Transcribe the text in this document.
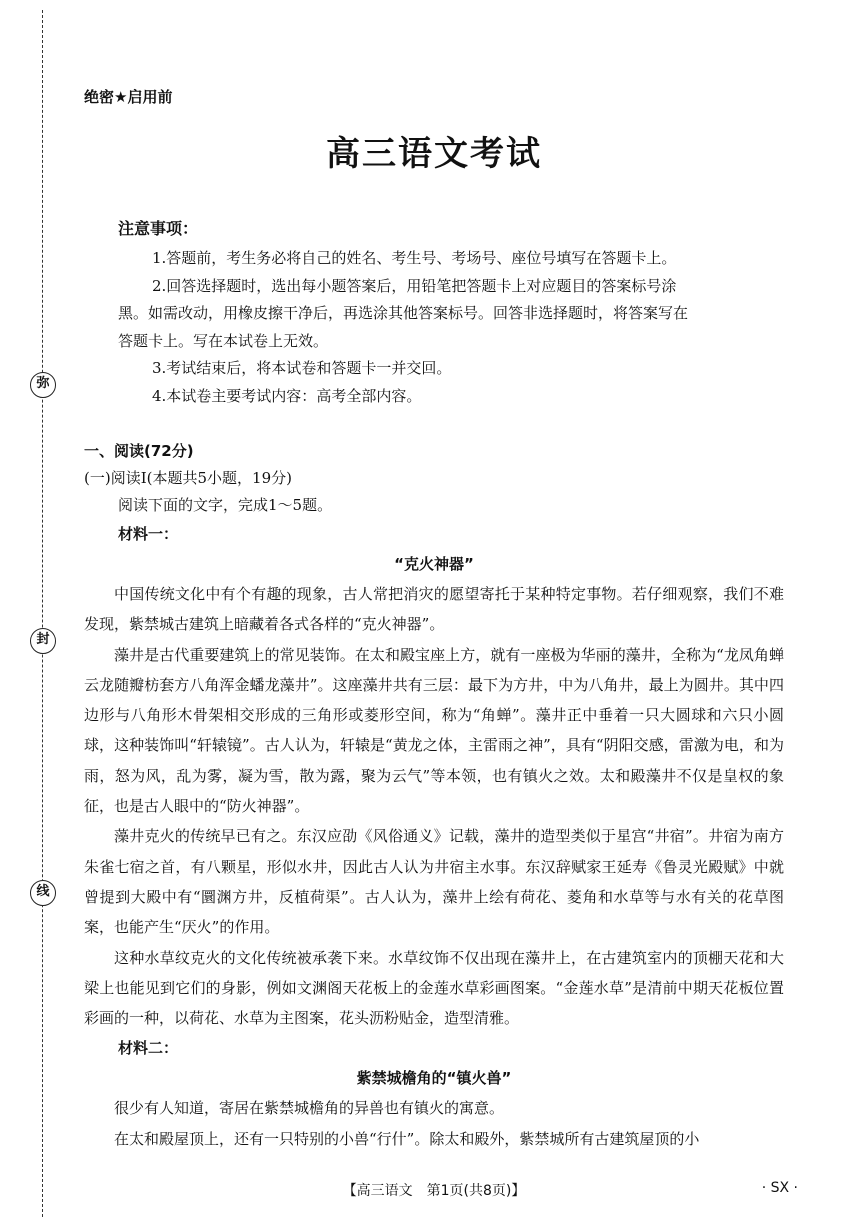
弥
封
线
绝密★启用前
高三语文考试
注意事项：

1.答题前，考生务必将自己的姓名、考生号、考场号、座位号填写在答题卡上。

2.回答选择题时，选出每小题答案后，用铅笔把答题卡上对应题目的答案标号涂

黑。如需改动，用橡皮擦干净后，再选涂其他答案标号。回答非选择题时，将答案写在

答题卡上。写在本试卷上无效。

3.考试结束后，将本试卷和答题卡一并交回。

4.本试卷主要考试内容：高考全部内容。

一、阅读(72分)

(一)阅读Ⅰ(本题共5小题，19分)

阅读下面的文字，完成1～5题。

材料一：
“克火神器”

中国传统文化中有个有趣的现象，古人常把消灾的愿望寄托于某种特定事物。若仔细观察，我们不难发现，紫禁城古建筑上暗藏着各式各样的“克火神器”。

藻井是古代重要建筑上的常见装饰。在太和殿宝座上方，就有一座极为华丽的藻井，全称为“龙凤角蝉云龙随瓣枋套方八角浑金蟠龙藻井”。这座藻井共有三层：最下为方井，中为八角井，最上为圆井。其中四边形与八角形木骨架相交形成的三角形或菱形空间，称为“角蝉”。藻井正中垂着一只大圆球和六只小圆球，这种装饰叫“轩辕镜”。古人认为，轩辕是“黄龙之体，主雷雨之神”，具有“阴阳交感，雷激为电，和为雨，怒为风，乱为雾，凝为雪，散为露，聚为云气”等本领，也有镇火之效。太和殿藻井不仅是皇权的象征，也是古人眼中的“防火神器”。

藻井克火的传统早已有之。东汉应劭《风俗通义》记载，藻井的造型类似于星宫“井宿”。井宿为南方朱雀七宿之首，有八颗星，形似水井，因此古人认为井宿主水事。东汉辞赋家王延寿《鲁灵光殿赋》中就曾提到大殿中有“圜渊方井，反植荷渠”。古人认为，藻井上绘有荷花、菱角和水草等与水有关的花草图案，也能产生“厌火”的作用。

这种水草纹克火的文化传统被承袭下来。水草纹饰不仅出现在藻井上，在古建筑室内的顶棚天花和大梁上也能见到它们的身影，例如文渊阁天花板上的金莲水草彩画图案。“金莲水草”是清前中期天花板位置彩画的一种，以荷花、水草为主图案，花头沥粉贴金，造型清雅。

材料二：
紫禁城檐角的“镇火兽”

很少有人知道，寄居在紫禁城檐角的异兽也有镇火的寓意。

在太和殿屋顶上，还有一只特别的小兽“行什”。除太和殿外，紫禁城所有古建筑屋顶的小

【高三语文　第1页(共8页)】	· SX ·
